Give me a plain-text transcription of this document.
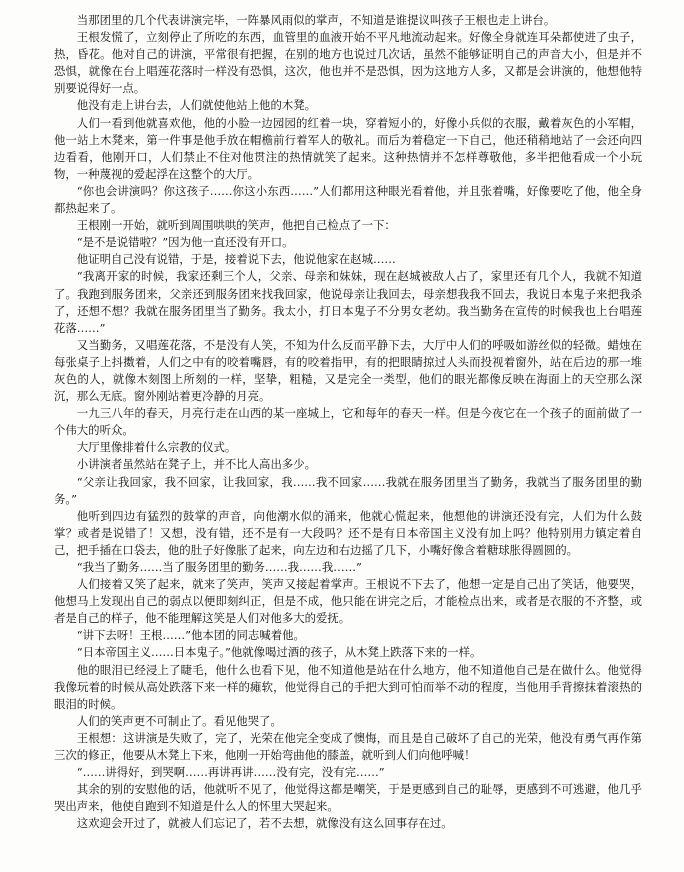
当那团里的几个代表讲演完毕，一阵暴风雨似的掌声，不知道是谁提议叫孩子王根也走上讲台。

王根发慌了，立刻停止了所吃的东西，血管里的血液开始不平凡地流动起来。好像全身就连耳朵都使进了虫子，热，昏花。他对自己的讲演，平常很有把握，在别的地方也说过几次话，虽然不能够证明自己的声音大小，但是并不恐惧，就像在台上唱莲花落时一样没有恐惧，这次，他也并不是恐惧，因为这地方人多，又都是会讲演的，他想他特别要说得好一点。

他没有走上讲台去，人们就使他站上他的木凳。

人们一看到他就喜欢他，他的小脸一边园园的红着一块，穿着短小的，好像小兵似的衣服，戴着灰色的小军帽，他一站上木凳来，第一件事是他手放在帽檐前行着军人的敬礼。而后为着稳定一下自己，他还稍稍地站了一会还向四边看看，他刚开口，人们禁止不住对他贯注的热情就笑了起来。这种热情并不怎样尊敬他，多半把他看成一个小玩物，一种蔑视的爱起浮在这整个的大厅。

“你也会讲演吗？你这孩子……你这小东西……”人们都用这种眼光看着他，并且张着嘴，好像要吃了他，他全身都热起来了。

王根刚一开始，就听到周围哄哄的笑声，他把自己检点了一下：

“是不是说错啦？”因为他一直还没有开口。

他证明自己没有说错，于是，接着说下去，他说他家在赵城……

“我离开家的时候，我家还剩三个人，父亲、母亲和妹妹，现在赵城被敌人占了，家里还有几个人，我就不知道了。我跑到服务团来，父亲还到服务团来找我回家，他说母亲让我回去，母亲想我我不回去，我说日本鬼子来把我杀了，还想不想？我就在服务团里当了勤务。我太小，打日本鬼子不分男女老幼。我当勤务在宣传的时候我也上台唱莲花落……”

又当勤务，又唱莲花落，不是没有人笑，不知为什么反而平静下去，大厅中人们的呼吸如游丝似的轻微。蜡烛在每张桌子上抖擞着，人们之中有的咬着嘴唇，有的咬着指甲，有的把眼睛掠过人头而投视着窗外，站在后边的那一堆灰色的人，就像木刻图上所刻的一样，坚挚，粗糙，又是完全一类型，他们的眼光都像反映在海面上的天空那么深沉，那么无底。窗外刚站着更冷静的月亮。

一九三八年的春天，月亮行走在山西的某一座城上，它和每年的春天一样。但是今夜它在一个孩子的面前做了一个伟大的听众。

大厅里像排着什么宗教的仪式。

小讲演者虽然站在凳子上，并不比人高出多少。

“父亲让我回家，我不回家，让我回家，我……我不回家……我就在服务团里当了勤务，我就当了服务团里的勤务。”

他听到四边有猛烈的鼓掌的声音，向他潮水似的涌来，他就心慌起来，他想他的讲演还没有完，人们为什么鼓掌？或者是说错了！又想，没有错，还不是有一大段吗？还不是有日本帝国主义没有加上吗？他特别用力镇定着自己，把手插在口袋去，他的肚子好像胀了起来，向左边和右边摇了几下，小嘴好像含着糖球胀得圆圆的。

“我当了勤务……当了服务团里的勤务……我……我……”

人们接着又笑了起来，就来了笑声，笑声又接起着掌声。王根说不下去了，他想一定是自己出了笑话，他要哭，他想马上发现出自己的弱点以便即刻纠正，但是不成，他只能在讲完之后，才能检点出来，或者是衣服的不齐整，或者是自己的样子，他不能理解这笑是人们对他多大的爱抚。

“讲下去呀！王根……”他本团的同志喊着他。

“日本帝国主义……日本鬼子。”他就像喝过酒的孩子，从木凳上跌落下来的一样。

他的眼泪已经浸上了睫毛，他什么也看下见，他不知道他是站在什么地方，他不知道他自己是在做什么。他觉得我像玩着的时候从高处跌落下来一样的瘫软，他觉得自己的手把大到可怕而举不动的程度，当他用手背擦抹着滚热的眼泪的时候。

人们的笑声更不可制止了。看见他哭了。

王根想：这讲演是失败了，完了，光荣在他完全变成了懊悔，而且是自己破坏了自己的光荣，他没有勇气再作第三次的修正，他要从木凳上下来，他刚一开始弯曲他的膝盖，就听到人们向他呼喊！

“……讲得好，到哭啊……再讲再讲……没有完，没有完……”

其余的别的安慰他的话，他就听不见了，他觉得这都是嘲笑，于是更感到自己的耻辱，更感到不可逃避，他几乎哭出声来，他使自跑到不知道是什么人的怀里大哭起来。

这欢迎会开过了，就被人们忘记了，若不去想，就像没有这么回事存在过。
